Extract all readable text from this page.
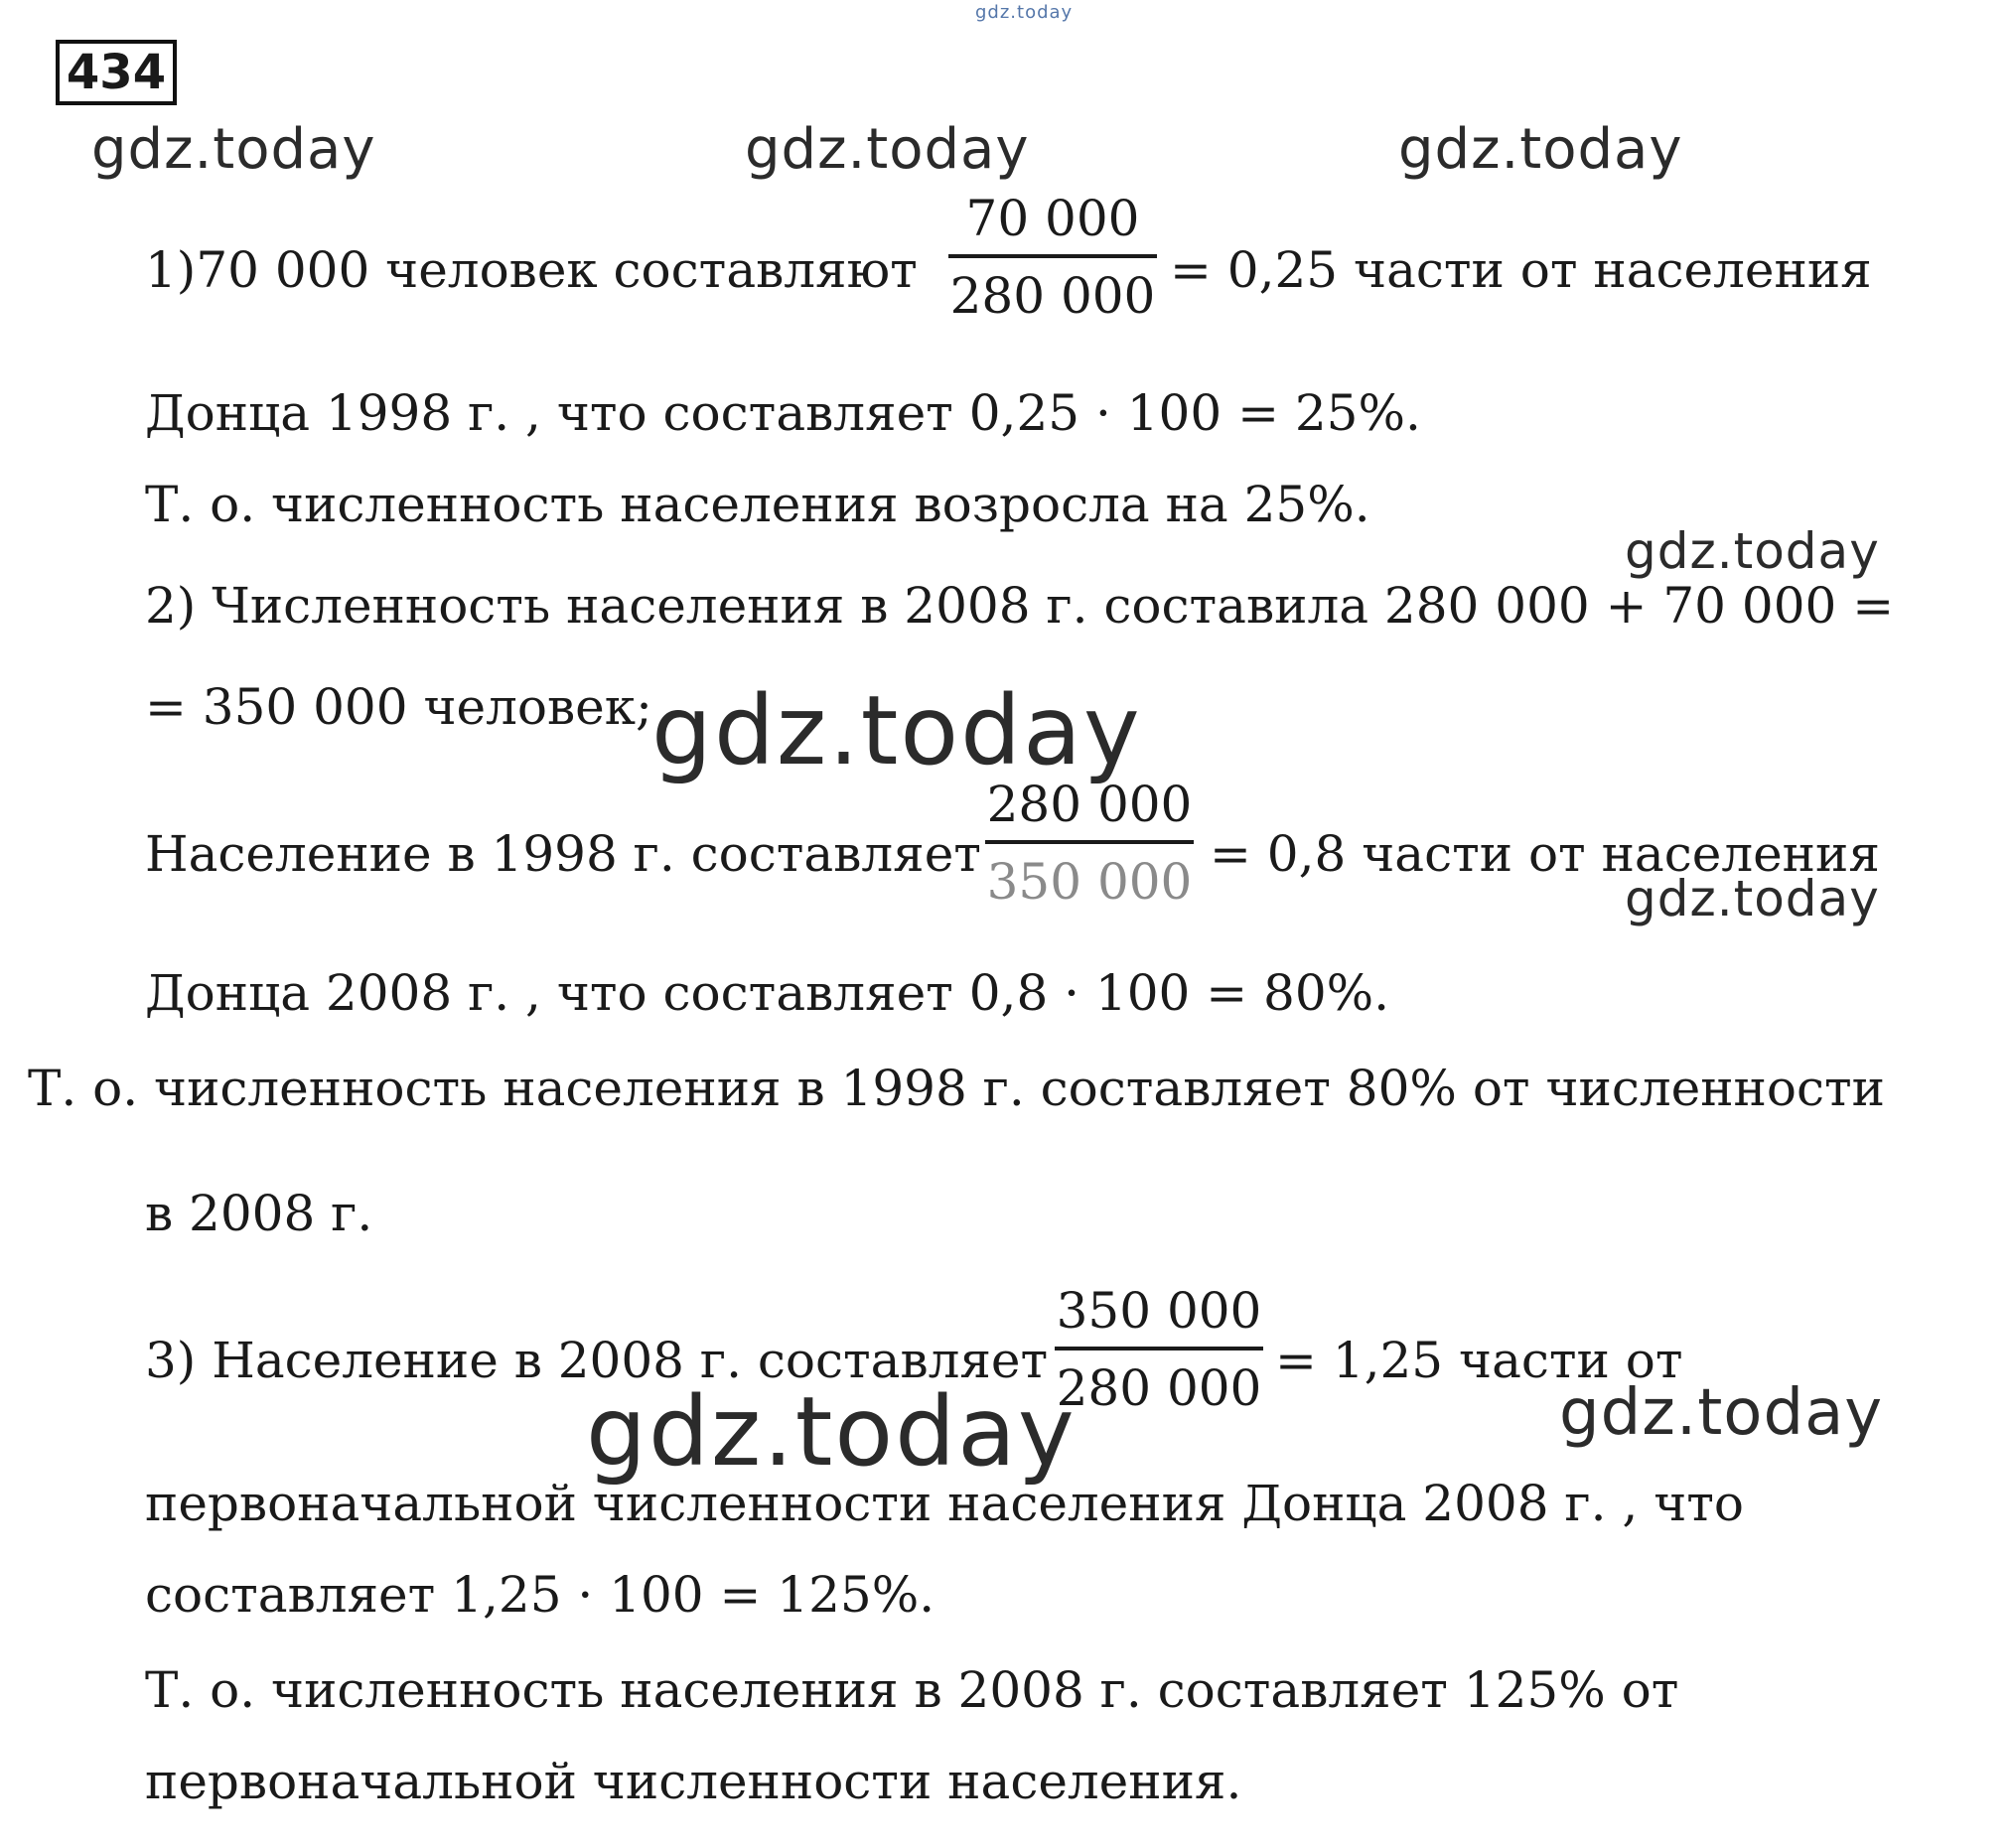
gdz.today
434
gdz.today	gdz.today	gdz.today
1)70 000 человек составляют
70 000
280 000 = 0,25 части от населения
Донца 1998 г. , что составляет 0,25 · 100 = 25%.
Т. о. численность населения возросла на 25%.
gdz.today
2) Численность населения в 2008 г. составила 280 000 + 70 000 =
= 350 000 человек; gdz.today
Население в 1998 г. составляет
280 000
350 000 = 0,8 части от населения
gdz.today
Донца 2008 г. , что составляет 0,8 · 100 = 80%.
Т. о. численность населения в 1998 г. составляет 80% от численности
в 2008 г.
3) Население в 2008 г. составляет
350 000
280 000 = 1,25 части от
gdz.today	gdz.today
первоначальной численности населения Донца 2008 г. , что
составляет 1,25 · 100 = 125%.
Т. о. численность населения в 2008 г. составляет 125% от
первоначальной численности населения.
